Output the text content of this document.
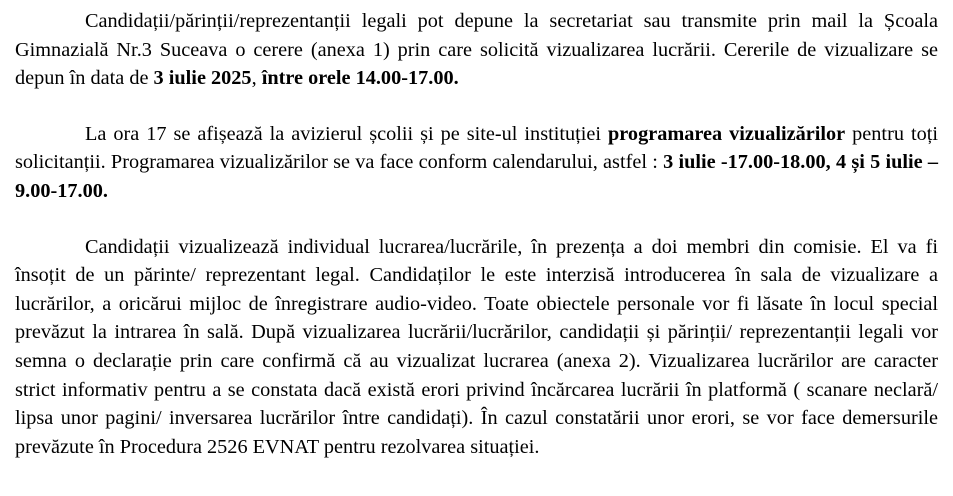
Candidații/părinții/reprezentanții legali pot depune la secretariat sau transmite prin mail la Școala Gimnazială Nr.3 Suceava o cerere (anexa 1) prin care solicită vizualizarea lucrării. Cererile de vizualizare se depun în data de 3 iulie 2025, între orele 14.00-17.00.

La ora 17 se afișează la avizierul școlii și pe site-ul instituției programarea vizualizărilor pentru toți solicitanții. Programarea vizualizărilor se va face conform calendarului, astfel : 3 iulie -17.00-18.00, 4 și 5 iulie – 9.00-17.00.

Candidații vizualizează individual lucrarea/lucrările, în prezența a doi membri din comisie. El va fi însoțit de un părinte/ reprezentant legal. Candidaților le este interzisă introducerea în sala de vizualizare a lucrărilor, a oricărui mijloc de înregistrare audio-video. Toate obiectele personale vor fi lăsate în locul special prevăzut la intrarea în sală. După vizualizarea lucrării/lucrărilor, candidații și părinții/ reprezentanții legali vor semna o declarație prin care confirmă că au vizualizat lucrarea (anexa 2). Vizualizarea lucrărilor are caracter strict informativ pentru a se constata dacă există erori privind încărcarea lucrării în platformă ( scanare neclară/ lipsa unor pagini/ inversarea lucrărilor între candidați). În cazul constatării unor erori, se vor face demersurile prevăzute în Procedura 2526 EVNAT pentru rezolvarea situației.
